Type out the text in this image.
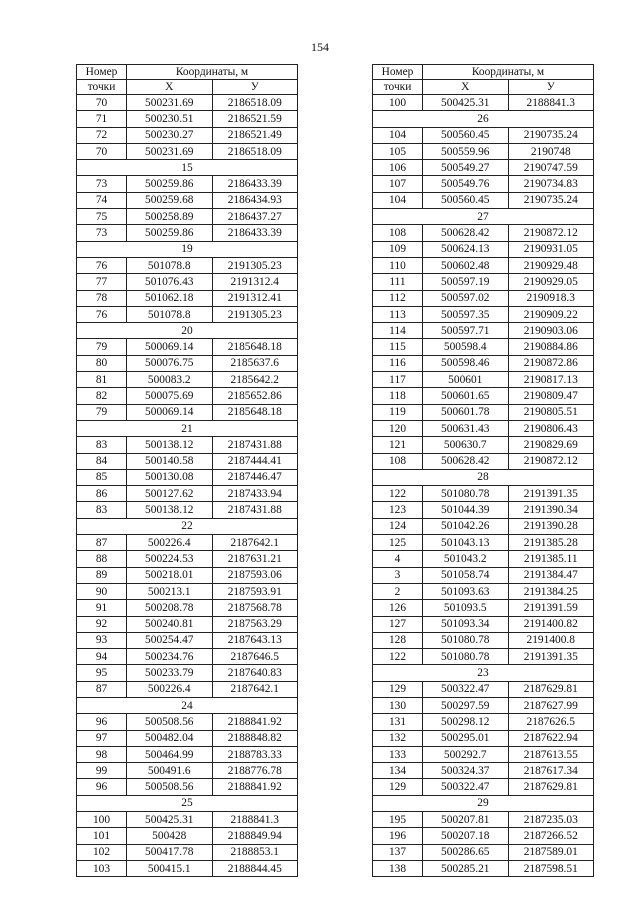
154
Номер	Координаты, м	
точки	X	У
70	500231.69	2186518.09
71	500230.51	2186521.59
72	500230.27	2186521.49
70	500231.69	2186518.09
15		
73	500259.86	2186433.39
74	500259.68	2186434.93
75	500258.89	2186437.27
73	500259.86	2186433.39
19		
76	501078.8	2191305.23
77	501076.43	2191312.4
78	501062.18	2191312.41
76	501078.8	2191305.23
20		
79	500069.14	2185648.18
80	500076.75	2185637.6
81	500083.2	2185642.2
82	500075.69	2185652.86
79	500069.14	2185648.18
21		
83	500138.12	2187431.88
84	500140.58	2187444.41
85	500130.08	2187446.47
86	500127.62	2187433.94
83	500138.12	2187431.88
22		
87	500226.4	2187642.1
88	500224.53	2187631.21
89	500218.01	2187593.06
90	500213.1	2187593.91
91	500208.78	2187568.78
92	500240.81	2187563.29
93	500254.47	2187643.13
94	500234.76	2187646.5
95	500233.79	2187640.83
87	500226.4	2187642.1
24		
96	500508.56	2188841.92
97	500482.04	2188848.82
98	500464.99	2188783.33
99	500491.6	2188776.78
96	500508.56	2188841.92
25		
100	500425.31	2188841.3
101	500428	2188849.94
102	500417.78	2188853.1
103	500415.1	2188844.45
Номер	Координаты, м	
точки	X	У
100	500425.31	2188841.3
26		
104	500560.45	2190735.24
105	500559.96	2190748
106	500549.27	2190747.59
107	500549.76	2190734.83
104	500560.45	2190735.24
27		
108	500628.42	2190872.12
109	500624.13	2190931.05
110	500602.48	2190929.48
111	500597.19	2190929.05
112	500597.02	2190918.3
113	500597.35	2190909.22
114	500597.71	2190903.06
115	500598.4	2190884.86
116	500598.46	2190872.86
117	500601	2190817.13
118	500601.65	2190809.47
119	500601.78	2190805.51
120	500631.43	2190806.43
121	500630.7	2190829.69
108	500628.42	2190872.12
28		
122	501080.78	2191391.35
123	501044.39	2191390.34
124	501042.26	2191390.28
125	501043.13	2191385.28
4	501043.2	2191385.11
3	501058.74	2191384.47
2	501093.63	2191384.25
126	501093.5	2191391.59
127	501093.34	2191400.82
128	501080.78	2191400.8
122	501080.78	2191391.35
23		
129	500322.47	2187629.81
130	500297.59	2187627.99
131	500298.12	2187626.5
132	500295.01	2187622.94
133	500292.7	2187613.55
134	500324.37	2187617.34
129	500322.47	2187629.81
29		
195	500207.81	2187235.03
196	500207.18	2187266.52
137	500286.65	2187589.01
138	500285.21	2187598.51
